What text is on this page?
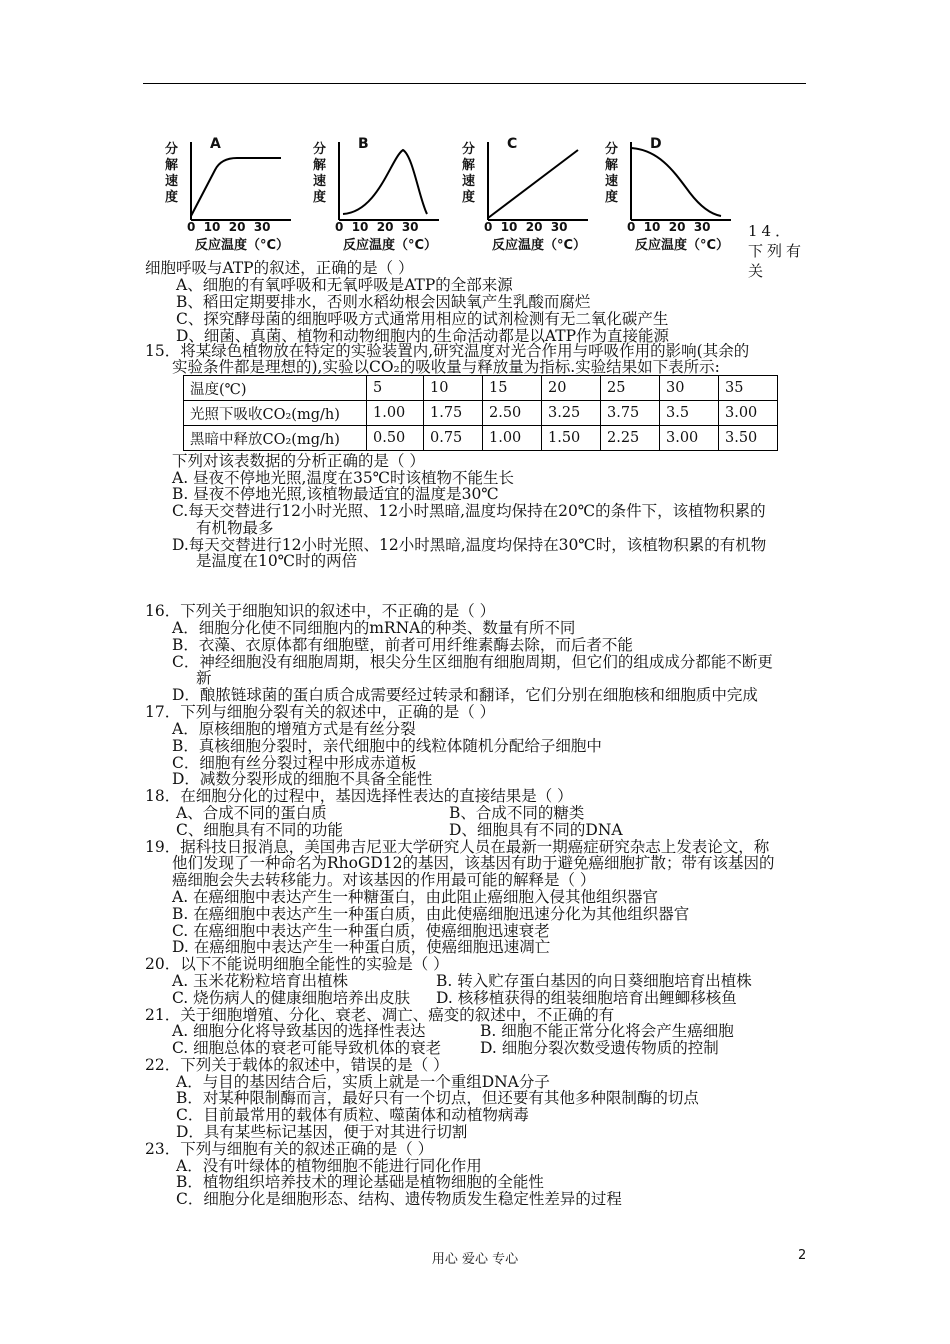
分解速度
A
0  10  20  30
反应温度（°C）
分解速度
B
0  10  20  30
反应温度（°C）
分解速度
C
0  10  20  30
反应温度（°C）
分解速度
D
0  10  20  30
反应温度（°C）
14．下列有关
细胞呼吸与ATP的叙述，正确的是（ ）
A、细胞的有氧呼吸和无氧呼吸是ATP的全部来源
B、稻田定期要排水，否则水稻幼根会因缺氧产生乳酸而腐烂
C、探究酵母菌的细胞呼吸方式通常用相应的试剂检测有无二氧化碳产生
D、细菌、真菌、植物和动物细胞内的生命活动都是以ATP作为直接能源
15．将某绿色植物放在特定的实验装置内,研究温度对光合作用与呼吸作用的影响(其余的
实验条件都是理想的),实验以CO₂的吸收量与释放量为指标.实验结果如下表所示:
温度(℃)	5	10	15	20	25	30	35
光照下吸收CO₂(mg/h)	1.00	1.75	2.50	3.25	3.75	3.5	3.00
黑暗中释放CO₂(mg/h)	0.50	0.75	1.00	1.50	2.25	3.00	3.50
下列对该表数据的分析正确的是（ ）
A. 昼夜不停地光照,温度在35℃时该植物不能生长
B. 昼夜不停地光照,该植物最适宜的温度是30℃
C.每天交替进行12小时光照、12小时黑暗,温度均保持在20℃的条件下，该植物积累的
有机物最多
D.每天交替进行12小时光照、12小时黑暗,温度均保持在30℃时，该植物积累的有机物
是温度在10℃时的两倍
16．下列关于细胞知识的叙述中，不正确的是（ ）
A．细胞分化使不同细胞内的mRNA的种类、数量有所不同
B．衣藻、衣原体都有细胞壁，前者可用纤维素酶去除，而后者不能
C．神经细胞没有细胞周期，根尖分生区细胞有细胞周期，但它们的组成成分都能不断更
新
D．酿脓链球菌的蛋白质合成需要经过转录和翻译，它们分别在细胞核和细胞质中完成
17．下列与细胞分裂有关的叙述中，正确的是（ ）
A．原核细胞的增殖方式是有丝分裂
B．真核细胞分裂时，亲代细胞中的线粒体随机分配给子细胞中
C．细胞有丝分裂过程中形成赤道板
D．减数分裂形成的细胞不具备全能性
18．在细胞分化的过程中，基因选择性表达的直接结果是（ ）
A、合成不同的蛋白质	B、合成不同的糖类
C、细胞具有不同的功能	D、细胞具有不同的DNA
19．据科技日报消息，美国弗吉尼亚大学研究人员在最新一期癌症研究杂志上发表论文，称
他们发现了一种命名为RhoGD12的基因，该基因有助于避免癌细胞扩散；带有该基因的
癌细胞会失去转移能力。对该基因的作用最可能的解释是（ ）
A. 在癌细胞中表达产生一种糖蛋白，由此阻止癌细胞入侵其他组织器官
B. 在癌细胞中表达产生一种蛋白质，由此使癌细胞迅速分化为其他组织器官
C. 在癌细胞中表达产生一种蛋白质，使癌细胞迅速衰老
D. 在癌细胞中表达产生一种蛋白质，使癌细胞迅速凋亡
20．以下不能说明细胞全能性的实验是（ ）
A. 玉米花粉粒培育出植株	B. 转入贮存蛋白基因的向日葵细胞培育出植株
C. 烧伤病人的健康细胞培养出皮肤 D. 核移植获得的组装细胞培育出鲤鲫移核鱼
21．关于细胞增殖、分化、衰老、凋亡、癌变的叙述中，不正确的有
A. 细胞分化将导致基因的选择性表达	B. 细胞不能正常分化将会产生癌细胞
C. 细胞总体的衰老可能导致机体的衰老	D. 细胞分裂次数受遗传物质的控制
22．下列关于载体的叙述中，错误的是（ ）
A．与目的基因结合后，实质上就是一个重组DNA分子
B．对某种限制酶而言，最好只有一个切点，但还要有其他多种限制酶的切点
C．目前最常用的载体有质粒、噬菌体和动植物病毒
D．具有某些标记基因，便于对其进行切割
23．下列与细胞有关的叙述正确的是（ ）
A．没有叶绿体的植物细胞不能进行同化作用
B．植物组织培养技术的理论基础是植物细胞的全能性
C．细胞分化是细胞形态、结构、遗传物质发生稳定性差异的过程
用心 爱心 专心	2
